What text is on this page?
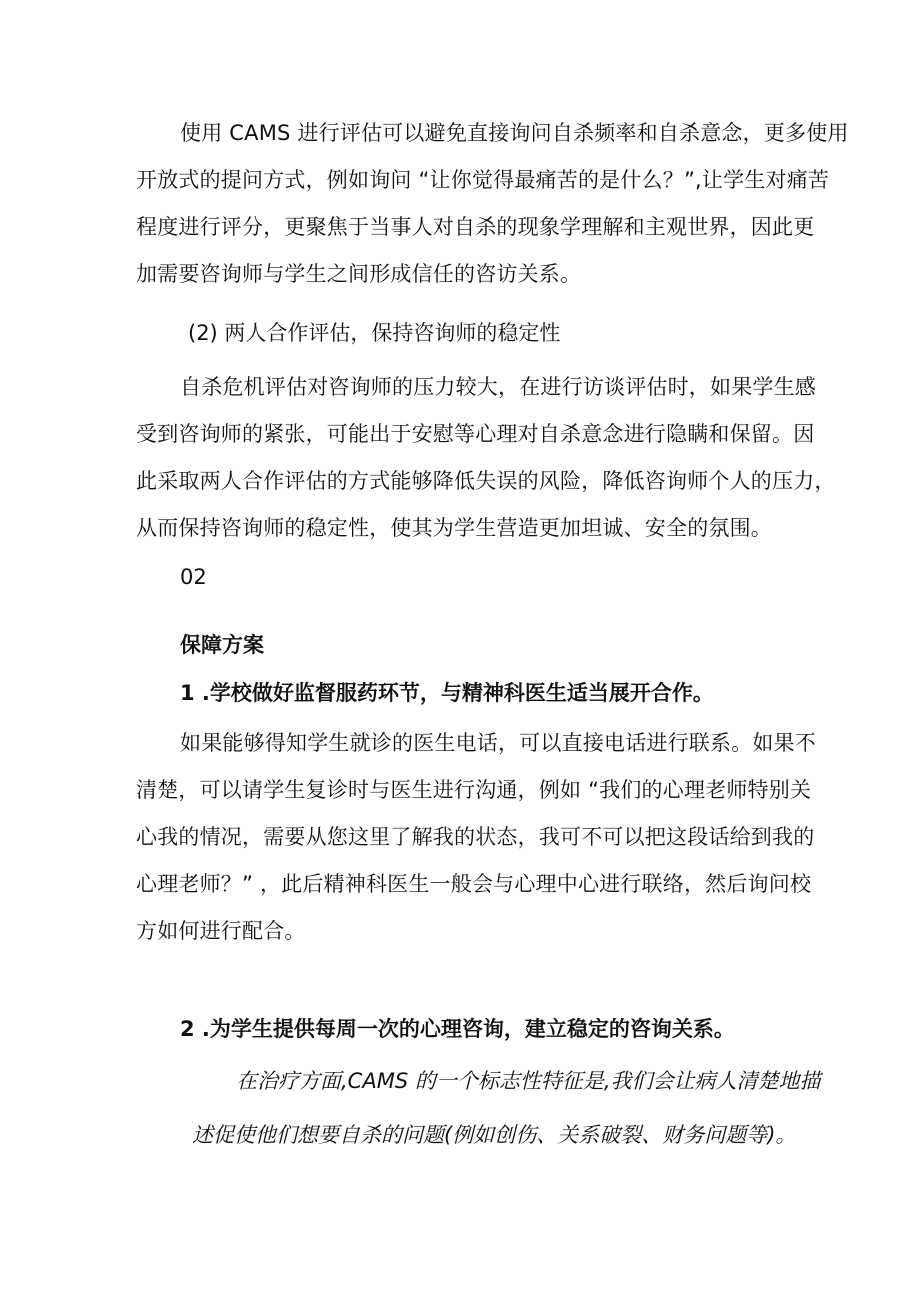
使用 CAMS 进行评估可以避免直接询问自杀频率和自杀意念，更多使用
开放式的提问方式，例如询问 “让你觉得最痛苦的是什么？”,让学生对痛苦
程度进行评分，更聚焦于当事人对自杀的现象学理解和主观世界，因此更
加需要咨询师与学生之间形成信任的咨访关系。

(2) 两人合作评估，保持咨询师的稳定性

自杀危机评估对咨询师的压力较大，在进行访谈评估时，如果学生感
受到咨询师的紧张，可能出于安慰等心理对自杀意念进行隐瞒和保留。因
此采取两人合作评估的方式能够降低失误的风险，降低咨询师个人的压力，
从而保持咨询师的稳定性，使其为学生营造更加坦诚、安全的氛围。

02

保障方案

1 .学校做好监督服药环节，与精神科医生适当展开合作。

如果能够得知学生就诊的医生电话，可以直接电话进行联系。如果不
清楚，可以请学生复诊时与医生进行沟通，例如 “我们的心理老师特别关
心我的情况，需要从您这里了解我的状态，我可不可以把这段话给到我的
心理老师？” ，此后精神科医生一般会与心理中心进行联络，然后询问校
方如何进行配合。

2 .为学生提供每周一次的心理咨询，建立稳定的咨询关系。

在治疗方面,CAMS 的一个标志性特征是,我们会让病人清楚地描
述促使他们想要自杀的问题(例如创伤、关系破裂、财务问题等)。
